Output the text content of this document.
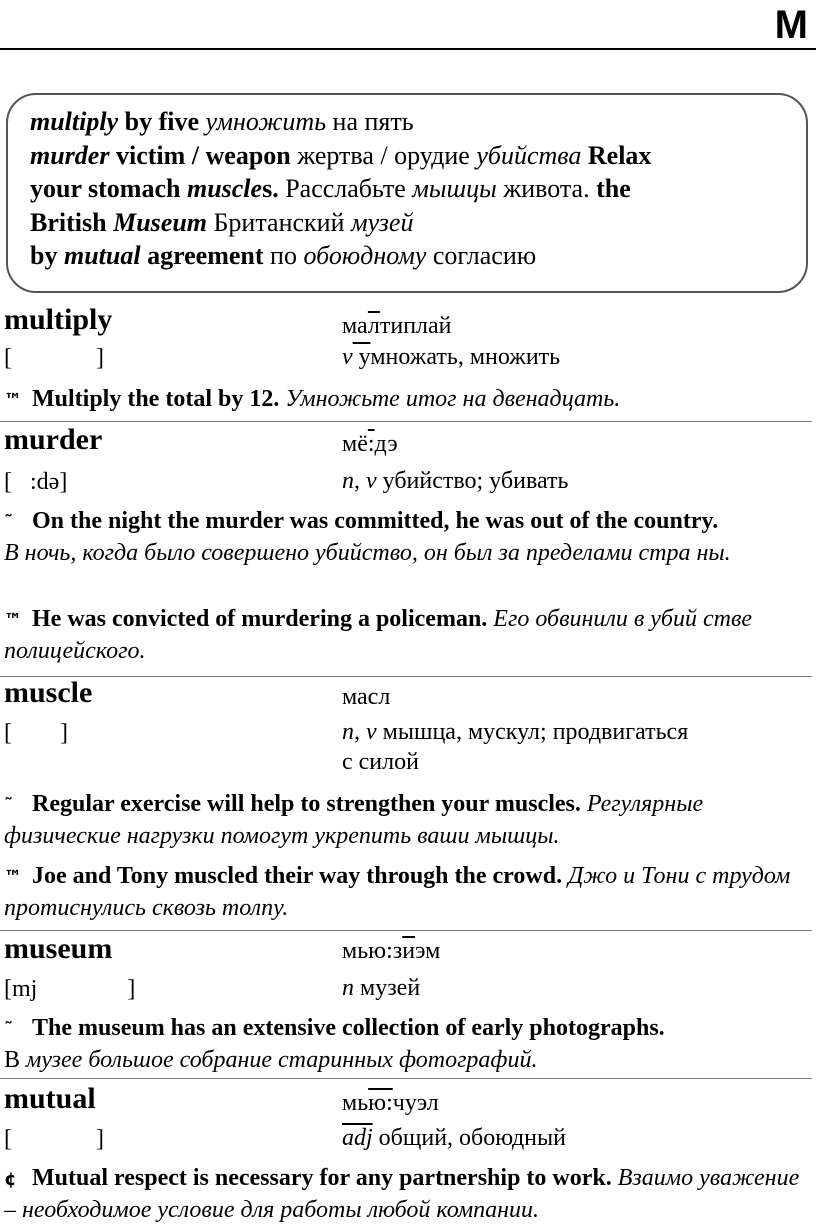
M
multiply by five умножить на пять
murder victim / weapon жертва / орудие убийства Relax
your stomach muscles. Расслабьте мышцы живота. the
British Museum Британский музей
by mutual agreement по обоюдному согласию
multiply	малтиплай
[              ]	v умножать, множить
™ Multiply the total by 12. Умножьте итог на двенадцать.
murder	мё:дэ
[   :də]	n, v убийство; убивать
˜ On the night the murder was committed, he was out of the country.
В ночь, когда было совершено убийство, он был за пределами стра ны.
™ He was convicted of murdering a policeman. Его обвинили в убий стве полицейского.
muscle	масл
[        ]	n, v мышца, мускул; продвигаться
с силой
˜ Regular exercise will help to strengthen your muscles. Регулярные физические нагрузки помогут укрепить ваши мышцы.
™ Joe and Tony muscled their way through the crowd. Джо и Тони с трудом протиснулись сквозь толпу.
museum	мью:зиэм
[mj               ]	n музей
˜ The museum has an extensive collection of early photographs.
В музее большое собрание старинных фотографий.
mutual	мью:чуэл
[              ]	$\overline{adj}$ общий, обоюдный
¢ Mutual respect is necessary for any partnership to work. Взаимо уважение – необходимое условие для работы любой компании.
